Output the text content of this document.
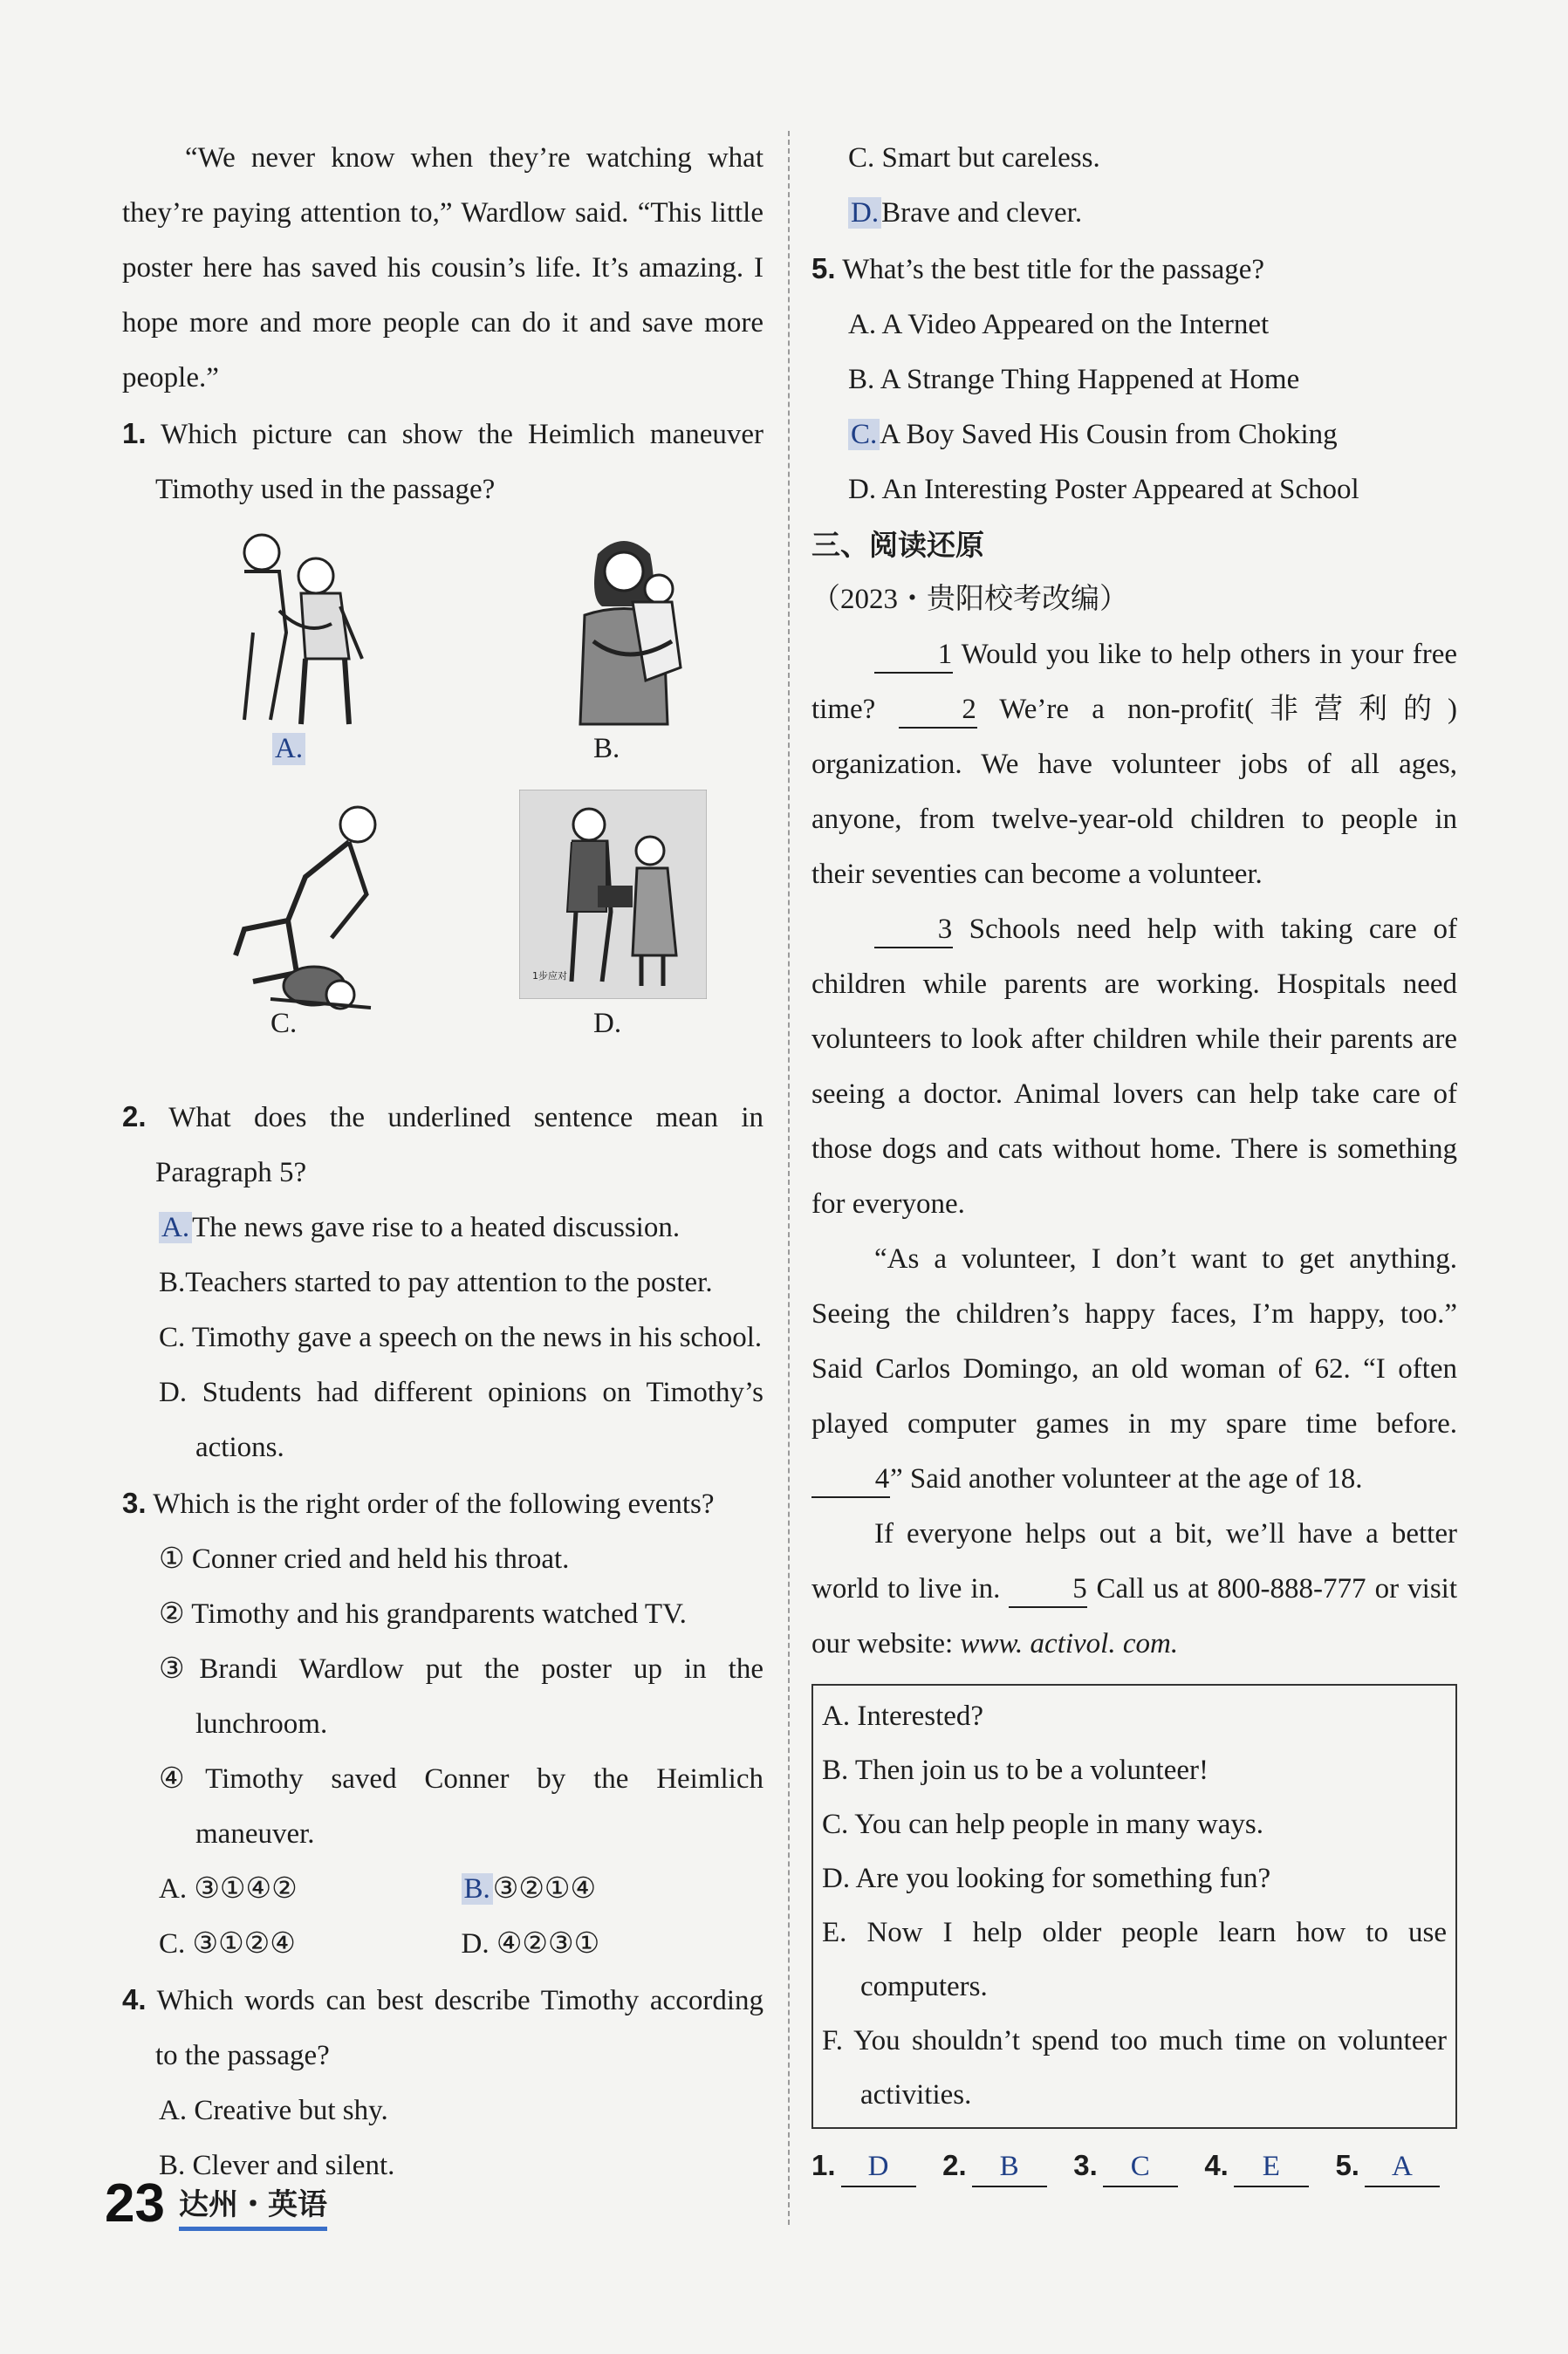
“We never know when they’re watching what they’re paying attention to,” Wardlow said. “This little poster here has saved his cousin’s life. It’s amazing. I hope more and more people can do it and save more people.”

1. Which picture can show the Heimlich maneuver Timothy used in the passage?

1步应对
A.	B.
C.	D.

2. What does the underlined sentence mean in Paragraph 5?

A.The news gave rise to a heated discussion.

B.Teachers started to pay attention to the poster.

C. Timothy gave a speech on the news in his school.

D. Students had different opinions on Timothy’s actions.

3. Which is the right order of the following events?

① Conner cried and held his throat.

② Timothy and his grandparents watched TV.

③Brandi Wardlow put the poster up in the lunchroom.

④Timothy saved Conner by the Heimlich maneuver.

A. ③①④②	B.③②①④
C. ③①②④	D. ④②③①

4. Which words can best describe Timothy according to the passage?

A. Creative but shy.

B. Clever and silent.

C. Smart but careless.

D.Brave and clever.

5. What’s the best title for the passage?

A. A Video Appeared on the Internet

B. A Strange Thing Happened at Home

C.A Boy Saved His Cousin from Choking

D. An Interesting Poster Appeared at School

三、阅读还原

（2023・贵阳校考改编）

1 Would you like to help others in your free time? 2 We’re a non-profit(非营利的) organization. We have volunteer jobs of all ages, anyone, from twelve-year-old children to people in their seventies can become a volunteer.

3 Schools need help with taking care of children while parents are working. Hospitals need volunteers to look after children while their parents are seeing a doctor. Animal lovers can help take care of those dogs and cats without home. There is something for everyone.

“As a volunteer, I don’t want to get anything. Seeing the children’s happy faces, I’m happy, too.” Said Carlos Domingo, an old woman of 62. “I often played computer games in my spare time before. 4” Said another volunteer at the age of 18.

If everyone helps out a bit, we’ll have a better world to live in. 5 Call us at 800-888-777 or visit our website: www. activol. com.

A. Interested?
B. Then join us to be a volunteer!
C. You can help people in many ways.
D. Are you looking for something fun?
E. Now I help older people learn how to use computers.
F. You shouldn’t spend too much time on volunteer activities.
1. D	2. B	3. C	4. E	5. A
23 达州・英语
